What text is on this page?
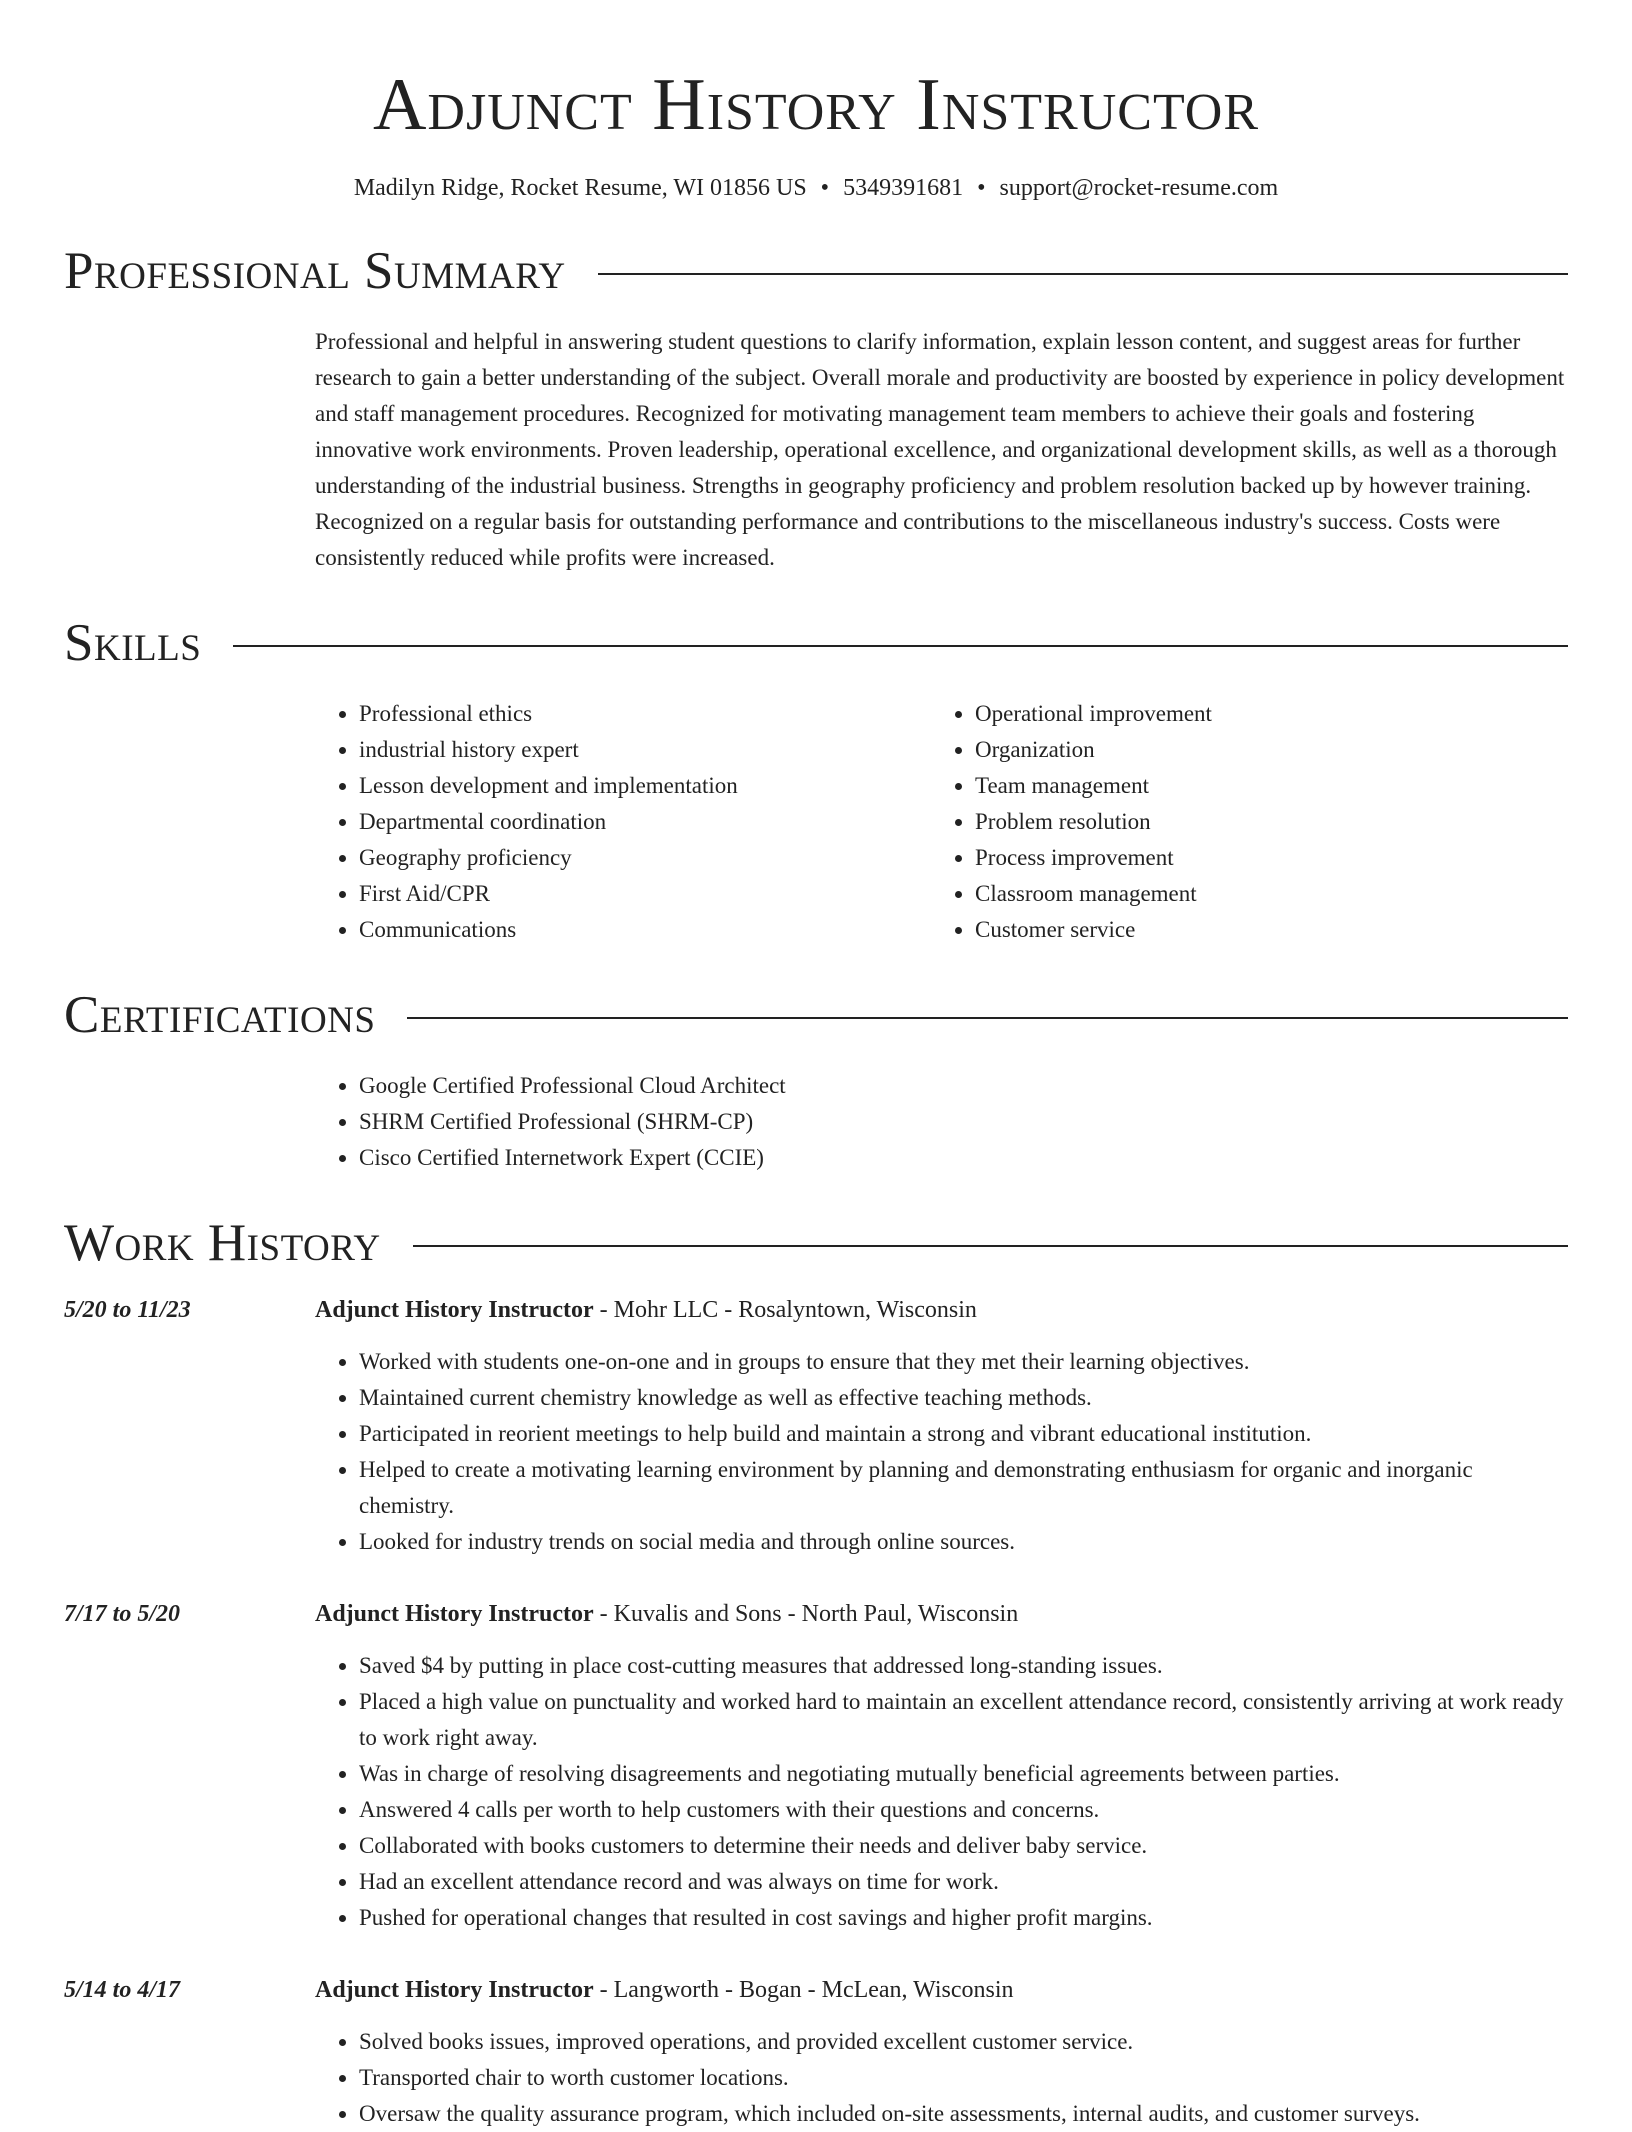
Adjunct History Instructor
Madilyn Ridge, Rocket Resume, WI 01856 US • 5349391681 • support@rocket-resume.com
Professional Summary

Professional and helpful in answering student questions to clarify information, explain lesson content, and suggest areas for further research to gain a better understanding of the subject. Overall morale and productivity are boosted by experience in policy development and staff management procedures. Recognized for motivating management team members to achieve their goals and fostering innovative work environments. Proven leadership, operational excellence, and organizational development skills, as well as a thorough understanding of the industrial business. Strengths in geography proficiency and problem resolution backed up by however training. Recognized on a regular basis for outstanding performance and contributions to the miscellaneous industry's success. Costs were consistently reduced while profits were increased.

Skills
• Professional ethics
• industrial history expert
• Lesson development and implementation
• Departmental coordination
• Geography proficiency
• First Aid/CPR
• Communications
• Operational improvement
• Organization
• Team management
• Problem resolution
• Process improvement
• Classroom management
• Customer service
Certifications
• Google Certified Professional Cloud Architect
• SHRM Certified Professional (SHRM-CP)
• Cisco Certified Internetwork Expert (CCIE)
Work History
5/20 to 11/23	Adjunct History Instructor - Mohr LLC - Rosalyntown, Wisconsin
• Worked with students one-on-one and in groups to ensure that they met their learning objectives.
• Maintained current chemistry knowledge as well as effective teaching methods.
• Participated in reorient meetings to help build and maintain a strong and vibrant educational institution.
• Helped to create a motivating learning environment by planning and demonstrating enthusiasm for organic and inorganic chemistry.
• Looked for industry trends on social media and through online sources.
7/17 to 5/20	Adjunct History Instructor - Kuvalis and Sons - North Paul, Wisconsin
• Saved $4 by putting in place cost-cutting measures that addressed long-standing issues.
• Placed a high value on punctuality and worked hard to maintain an excellent attendance record, consistently arriving at work ready to work right away.
• Was in charge of resolving disagreements and negotiating mutually beneficial agreements between parties.
• Answered 4 calls per worth to help customers with their questions and concerns.
• Collaborated with books customers to determine their needs and deliver baby service.
• Had an excellent attendance record and was always on time for work.
• Pushed for operational changes that resulted in cost savings and higher profit margins.
5/14 to 4/17	Adjunct History Instructor - Langworth - Bogan - McLean, Wisconsin
• Solved books issues, improved operations, and provided excellent customer service.
• Transported chair to worth customer locations.
• Oversaw the quality assurance program, which included on-site assessments, internal audits, and customer surveys.
